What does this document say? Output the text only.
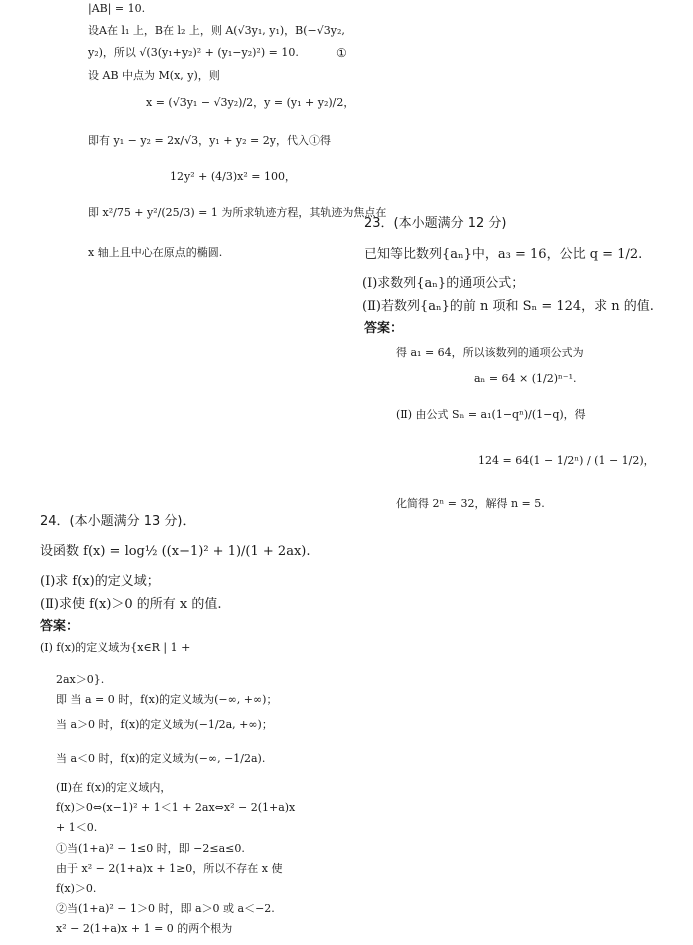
|AB| = 10.
设A在 l₁ 上，B在 l₂ 上，则 A(√3y₁, y₁)，B(−√3y₂,
y₂)，所以 √(3(y₁+y₂)² + (y₁−y₂)²) = 10.	①
设 AB 中点为 M(x, y)，则
x = (√3y₁ − √3y₂)/2，y = (y₁ + y₂)/2，
即有 y₁ − y₂ = 2x/√3，y₁ + y₂ = 2y，代入①得
12y² + (4/3)x² = 100，
即 x²/75 + y²/(25/3) = 1 为所求轨迹方程，其轨迹为焦点在
x 轴上且中心在原点的椭圆.
23．(本小题满分 12 分)
已知等比数列{aₙ}中，a₃ = 16，公比 q = 1/2.
(Ⅰ)求数列{aₙ}的通项公式；
(Ⅱ)若数列{aₙ}的前 n 项和 Sₙ = 124，求 n 的值.
答案：
得 a₁ = 64，所以该数列的通项公式为
aₙ = 64 × (1/2)ⁿ⁻¹.
(Ⅱ) 由公式 Sₙ = a₁(1−qⁿ)/(1−q)，得
124 = 64(1 − 1/2ⁿ) / (1 − 1/2)，
化简得 2ⁿ = 32，解得 n = 5.
24．(本小题满分 13 分)．
设函数 f(x) = log½ ((x−1)² + 1)/(1 + 2ax).
(Ⅰ)求 f(x)的定义域；
(Ⅱ)求使 f(x)＞0 的所有 x 的值.
答案：
(Ⅰ) f(x)的定义域为{x∈R | 1 +
2ax＞0}.
即 当 a = 0 时，f(x)的定义域为(−∞, +∞)；
当 a＞0 时，f(x)的定义域为(−1/2a, +∞)；
当 a＜0 时，f(x)的定义域为(−∞, −1/2a).
(Ⅱ)在 f(x)的定义域内，
f(x)＞0⇔(x−1)² + 1＜1 + 2ax⇔x² − 2(1+a)x
+ 1＜0.
①当(1+a)² − 1≤0 时，即 −2≤a≤0.
由于 x² − 2(1+a)x + 1≥0，所以不存在 x 使
f(x)＞0.
②当(1+a)² − 1＞0 时，即 a＞0 或 a＜−2.
x² − 2(1+a)x + 1 = 0 的两个根为
